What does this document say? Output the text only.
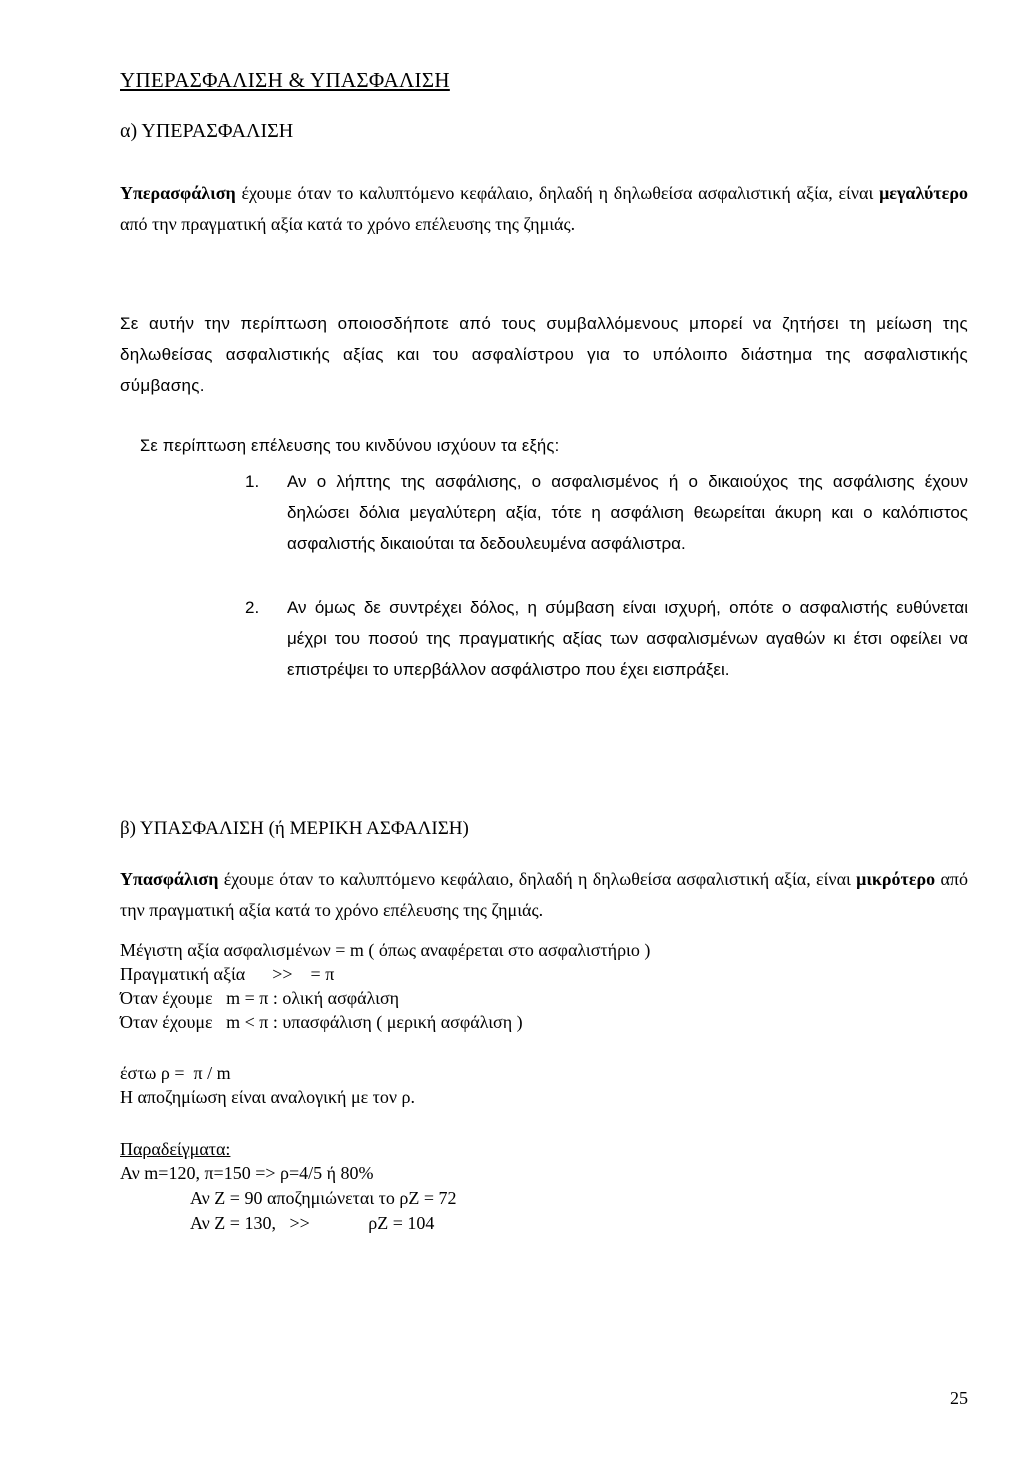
ΥΠΕΡΑΣΦΑΛΙΣΗ & ΥΠΑΣΦΑΛΙΣΗ
α) ΥΠΕΡΑΣΦΑΛΙΣΗ
Υπερασφάλιση έχουμε όταν το καλυπτόμενο κεφάλαιο, δηλαδή η δηλωθείσα ασφαλιστική αξία, είναι μεγαλύτερο από την πραγματική αξία κατά το χρόνο επέλευσης της ζημιάς.
Σε αυτήν την περίπτωση οποιοσδήποτε από τους συμβαλλόμενους μπορεί να ζητήσει τη μείωση της δηλωθείσας ασφαλιστικής αξίας και του ασφαλίστρου για το υπόλοιπο διάστημα της ασφαλιστικής σύμβασης.
Σε περίπτωση επέλευσης του κινδύνου ισχύουν τα εξής:
1.	Αν ο λήπτης της ασφάλισης, ο ασφαλισμένος ή ο δικαιούχος της ασφάλισης έχουν δηλώσει δόλια μεγαλύτερη αξία, τότε η ασφάλιση θεωρείται άκυρη και ο καλόπιστος ασφαλιστής δικαιούται τα δεδουλευμένα ασφάλιστρα.
2.	Αν όμως δε συντρέχει δόλος, η σύμβαση είναι ισχυρή, οπότε ο ασφαλιστής ευθύνεται μέχρι του ποσού της πραγματικής αξίας των ασφαλισμένων αγαθών κι έτσι οφείλει να επιστρέψει το υπερβάλλον ασφάλιστρο που έχει εισπράξει.
β) ΥΠΑΣΦΑΛΙΣΗ (ή ΜΕΡΙΚΗ ΑΣΦΑΛΙΣΗ)
Υπασφάλιση έχουμε όταν το καλυπτόμενο κεφάλαιο, δηλαδή η δηλωθείσα ασφαλιστική αξία, είναι μικρότερο από την πραγματική αξία κατά το χρόνο επέλευσης της ζημιάς.
Μέγιστη αξία ασφαλισμένων = m ( όπως αναφέρεται στο ασφαλιστήριο )
Πραγματική αξία      >>    = π
Όταν έχουμε   m = π : ολική ασφάλιση
Όταν έχουμε   m < π : υπασφάλιση ( μερική ασφάλιση )
έστω ρ =  π / m
Η αποζημίωση είναι αναλογική με τον ρ.
Παραδείγματα:
Αν m=120, π=150 => ρ=4/5 ή 80%
Αν Ζ = 90 αποζημιώνεται το ρΖ = 72
Αν Ζ = 130,   >>             ρΖ = 104
25
